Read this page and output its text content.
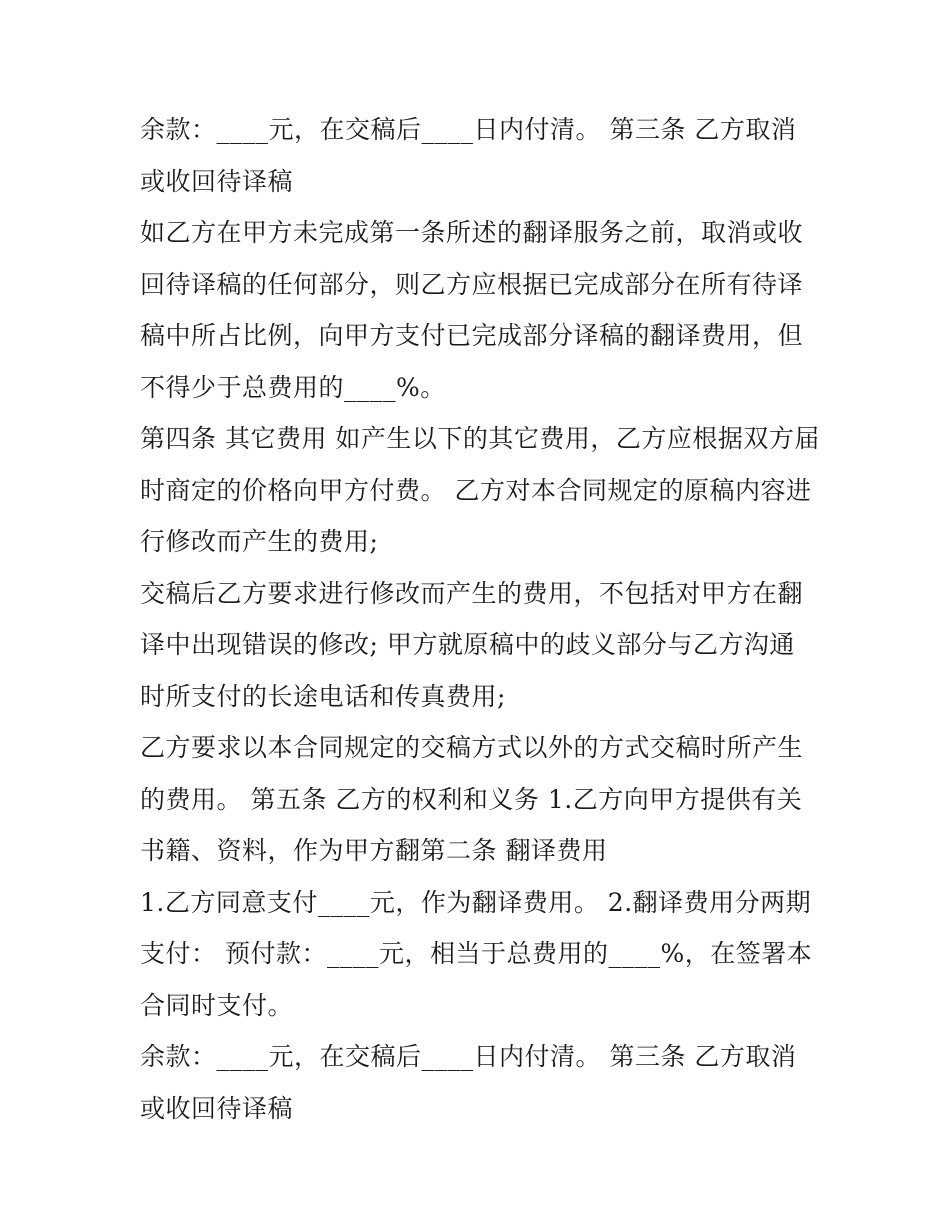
余款：____元，在交稿后____日内付清。 第三条 乙方取消或收回待译稿

如乙方在甲方未完成第一条所述的翻译服务之前，取消或收回待译稿的任何部分，则乙方应根据已完成部分在所有待译稿中所占比例，向甲方支付已完成部分译稿的翻译费用，但不得少于总费用的____%。

第四条 其它费用 如产生以下的其它费用，乙方应根据双方届时商定的价格向甲方付费。 乙方对本合同规定的原稿内容进行修改而产生的费用;

交稿后乙方要求进行修改而产生的费用，不包括对甲方在翻译中出现错误的修改; 甲方就原稿中的歧义部分与乙方沟通时所支付的长途电话和传真费用;

乙方要求以本合同规定的交稿方式以外的方式交稿时所产生的费用。 第五条 乙方的权利和义务 1.乙方向甲方提供有关书籍、资料，作为甲方翻第二条 翻译费用

1.乙方同意支付____元，作为翻译费用。 2.翻译费用分两期支付： 预付款：____元，相当于总费用的____%，在签署本合同时支付。

余款：____元，在交稿后____日内付清。 第三条 乙方取消或收回待译稿
